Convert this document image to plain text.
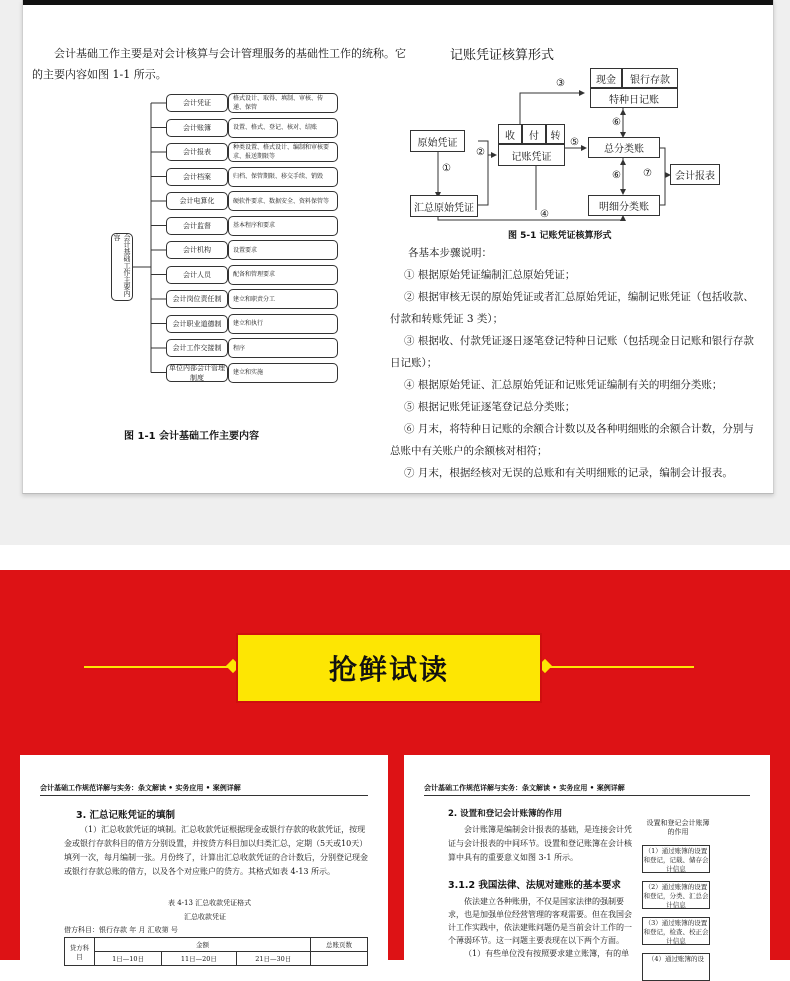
会计基础工作主要是对会计核算与会计管理服务的基础性工作的统称。它的主要内容如图 1-1 所示。
会计基础工作主要内容
会计凭证
格式设计、取得、填制、审核、传递、保管
会计账簿	设置、格式、登记、核对、结账
会计报表
种类设置、格式设计、编制和审核要求、报送期限等
会计档案	归档、保管期限、移交手续、销毁
会计电算化	硬软件要求、数据安全、资料保管等
会计监督	基本程序和要求
会计机构	设置要求
会计人员	配备和管理要求
会计岗位责任制	建立和职责分工
会计职业道德制	建立和执行
会计工作交接制	程序
单位内部会计管理制度
建立和实施
图 1-1 会计基础工作主要内容
记账凭证核算形式
现金	银行存款
特种日记账
原始凭证
收	付	转
记账凭证
总分类账
汇总原始凭证	明细分类账
会计报表
①
②
③
④
⑤
⑥
⑥ ⑦
图 5-1 记账凭证核算形式

各基本步骤说明：

① 根据原始凭证编制汇总原始凭证；

② 根据审核无误的原始凭证或者汇总原始凭证，编制记账凭证（包括收款、付款和转账凭证 3 类）；

③ 根据收、付款凭证逐日逐笔登记特种日记账（包括现金日记账和银行存款日记账）；

④ 根据原始凭证、汇总原始凭证和记账凭证编制有关的明细分类账；

⑤ 根据记账凭证逐笔登记总分类账；

⑥ 月末，将特种日记账的余额合计数以及各种明细账的余额合计数，分别与总账中有关账户的余额核对相符；

⑦ 月末，根据经核对无误的总账和有关明细账的记录，编制会计报表。

抢鲜试读
会计基础工作规范详解与实务：条文解读 • 实务应用 • 案例详解
3. 汇总记账凭证的填制
（1）汇总收款凭证的填制。汇总收款凭证根据现金或银行存款的收款凭证，按现金或银行存款科目的借方分别设置，并按贷方科目加以归类汇总，定期（5天或10天）填列一次，每月编制一张。月份终了，计算出汇总收款凭证的合计数后，分别登记现金或银行存款总账的借方，以及各个对应账户的贷方。其格式如表 4-13 所示。
表 4-13 汇总收款凭证格式
汇总收款凭证
借方科目：银行存款 年 月 汇收第 号
贷方科目	金额			总账页数
	1日—10日	11日—20日	21日—30日	
会计基础工作规范详解与实务：条文解读 • 实务应用 • 案例详解
2. 设置和登记会计账簿的作用
会计账簿是编制会计报表的基础，是连接会计凭证与会计报表的中间环节。设置和登记账簿在会计核算中具有的重要意义如图 3-1 所示。
3.1.2 我国法律、法规对建账的基本要求
依法建立各种账册，不仅是国家法律的强制要求，也是加强单位经营管理的客观需要。但在我国会计工作实践中，依法建账问题仍是当前会计工作的一个薄弱环节。这一问题主要表现在以下两个方面。
（1）有些单位没有按照要求建立账簿，有的单
设置和登记会计账簿的作用
（1）通过账簿的设置和登记，记载、储存会计信息
（2）通过账簿的设置和登记，分类、汇总会计信息
（3）通过账簿的设置和登记，检查、校正会计信息
（4）通过账簿的设
